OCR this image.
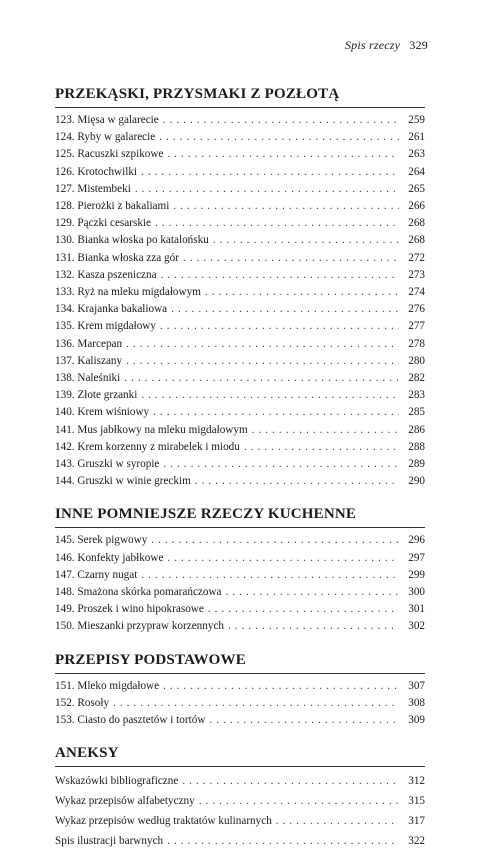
Spis rzeczy 329
PRZEKĄSKI, PRZYSMAKI Z POZŁOTĄ
123. Mięsa w galarecie . . .	259
124. Ryby w galarecie . . .	261
125. Racuszki szpikowe . . .	263
126. Krotochwilki . . .	264
127. Mistembeki . . .	265
128. Pierożki z bakaliami . . .	266
129. Pączki cesarskie . . .	268
130. Bianka włoska po katalońsku . . .	268
131. Bianka włoska zza gór . . .	272
132. Kasza pszeniczna . . .	273
133. Ryż na mleku migdałowym . . .	274
134. Krajanka bakaliowa . . .	276
135. Krem migdałowy . . .	277
136. Marcepan . . .	278
137. Kaliszany . . .	280
138. Naleśniki . . .	282
139. Złote grzanki . . .	283
140. Krem wiśniowy . . .	285
141. Mus jabłkowy na mleku migdałowym . . .	286
142. Krem korzenny z mirabelek i miodu . . .	288
143. Gruszki w syropie . . .	289
144. Gruszki w winie greckim . . .	290
INNE POMNIEJSZE RZECZY KUCHENNE
145. Serek pigwowy . . .	296
146. Konfekty jabłkowe . . .	297
147. Czarny nugat . . .	299
148. Smażona skórka pomarańczowa . . .	300
149. Proszek i wino hipokrasowe . . .	301
150. Mieszanki przypraw korzennych . . .	302
PRZEPISY PODSTAWOWE
151. Mleko migdałowe . . .	307
152. Rosoły . . .	308
153. Ciasto do pasztetów i tortów . . .	309
ANEKSY
Wskazówki bibliograficzne . . .	312
Wykaz przepisów alfabetyczny . . .	315
Wykaz przepisów według traktatów kulinarnych . . .	317
Spis ilustracji barwnych . . .	322
